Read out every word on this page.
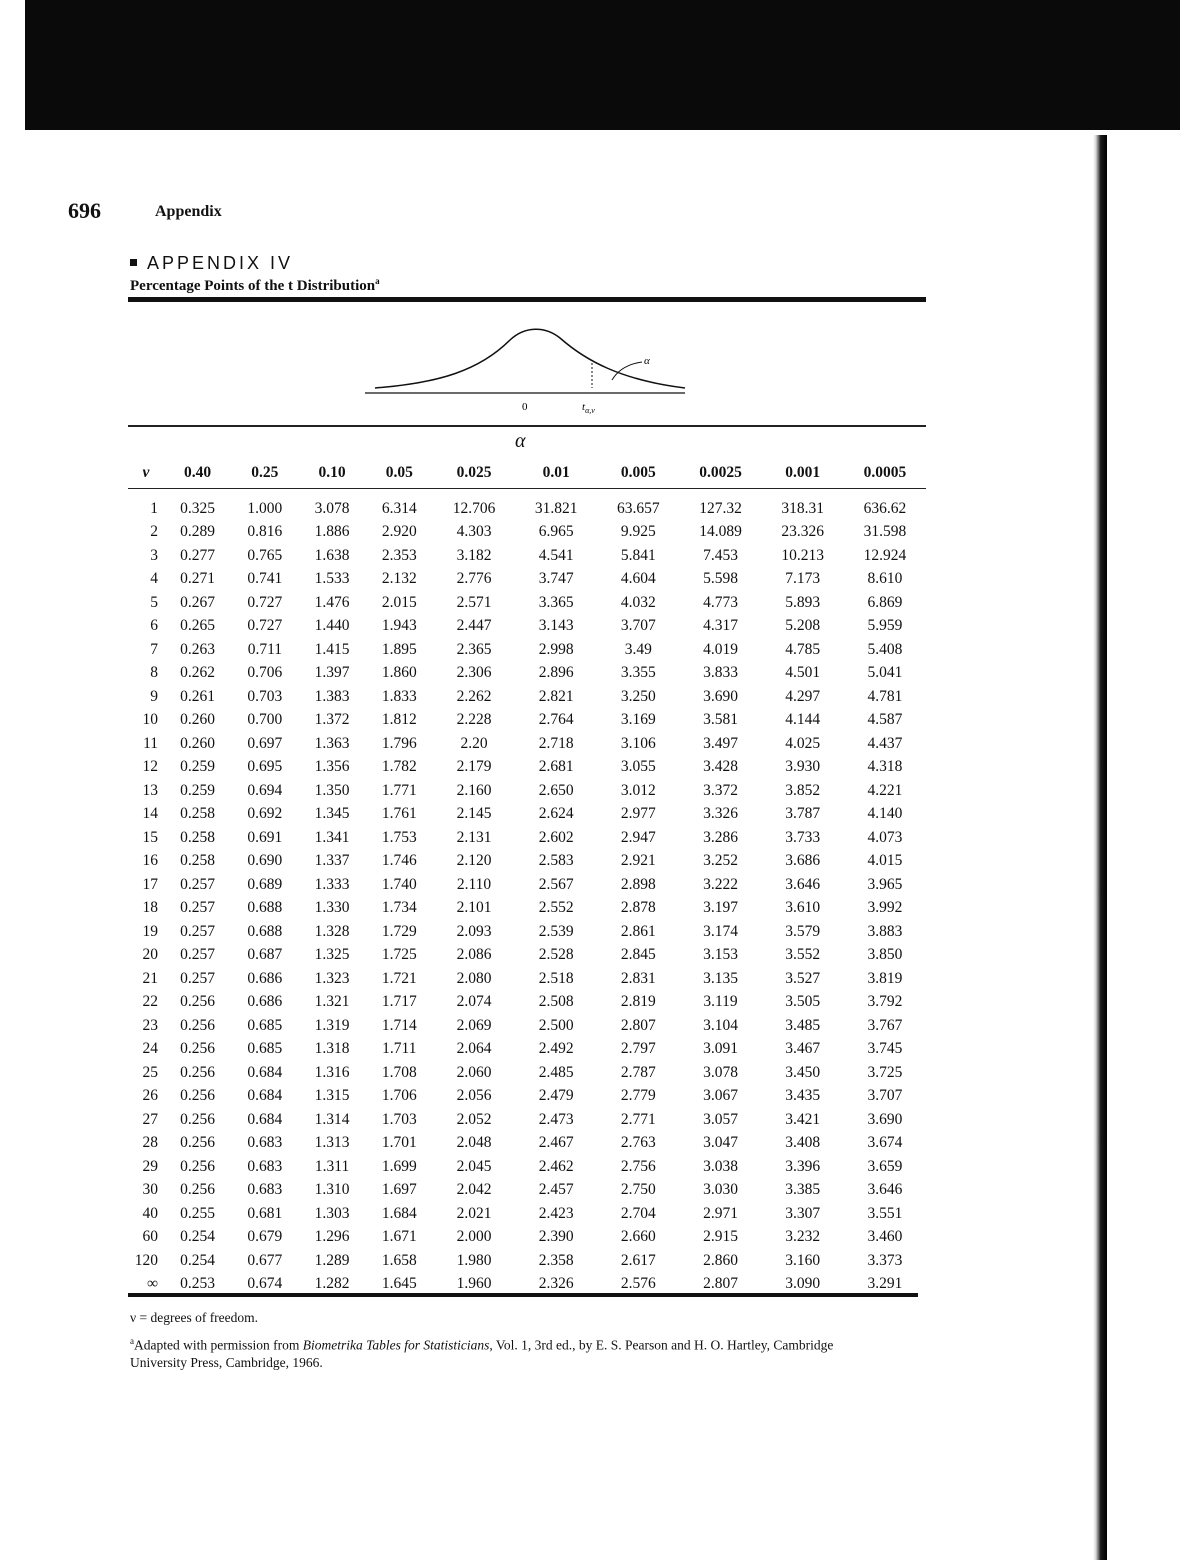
696	Appendix
APPENDIX IV
Percentage Points of the t Distribution$^a$
α
0	$t_{\alpha,\nu}$
α
ν	0.40	0.25	0.10	0.05	0.025	0.01	0.005	0.0025	0.001	0.0005

1	0.325	1.000	3.078	6.314	12.706	31.821	63.657	127.32	318.31	636.62
2	0.289	0.816	1.886	2.920	4.303	6.965	9.925	14.089	23.326	31.598
3	0.277	0.765	1.638	2.353	3.182	4.541	5.841	7.453	10.213	12.924
4	0.271	0.741	1.533	2.132	2.776	3.747	4.604	5.598	7.173	8.610
5	0.267	0.727	1.476	2.015	2.571	3.365	4.032	4.773	5.893	6.869
6	0.265	0.727	1.440	1.943	2.447	3.143	3.707	4.317	5.208	5.959
7	0.263	0.711	1.415	1.895	2.365	2.998	3.49	4.019	4.785	5.408
8	0.262	0.706	1.397	1.860	2.306	2.896	3.355	3.833	4.501	5.041
9	0.261	0.703	1.383	1.833	2.262	2.821	3.250	3.690	4.297	4.781
10	0.260	0.700	1.372	1.812	2.228	2.764	3.169	3.581	4.144	4.587
11	0.260	0.697	1.363	1.796	2.20	2.718	3.106	3.497	4.025	4.437
12	0.259	0.695	1.356	1.782	2.179	2.681	3.055	3.428	3.930	4.318
13	0.259	0.694	1.350	1.771	2.160	2.650	3.012	3.372	3.852	4.221
14	0.258	0.692	1.345	1.761	2.145	2.624	2.977	3.326	3.787	4.140
15	0.258	0.691	1.341	1.753	2.131	2.602	2.947	3.286	3.733	4.073
16	0.258	0.690	1.337	1.746	2.120	2.583	2.921	3.252	3.686	4.015
17	0.257	0.689	1.333	1.740	2.110	2.567	2.898	3.222	3.646	3.965
18	0.257	0.688	1.330	1.734	2.101	2.552	2.878	3.197	3.610	3.992
19	0.257	0.688	1.328	1.729	2.093	2.539	2.861	3.174	3.579	3.883
20	0.257	0.687	1.325	1.725	2.086	2.528	2.845	3.153	3.552	3.850
21	0.257	0.686	1.323	1.721	2.080	2.518	2.831	3.135	3.527	3.819
22	0.256	0.686	1.321	1.717	2.074	2.508	2.819	3.119	3.505	3.792
23	0.256	0.685	1.319	1.714	2.069	2.500	2.807	3.104	3.485	3.767
24	0.256	0.685	1.318	1.711	2.064	2.492	2.797	3.091	3.467	3.745
25	0.256	0.684	1.316	1.708	2.060	2.485	2.787	3.078	3.450	3.725
26	0.256	0.684	1.315	1.706	2.056	2.479	2.779	3.067	3.435	3.707
27	0.256	0.684	1.314	1.703	2.052	2.473	2.771	3.057	3.421	3.690
28	0.256	0.683	1.313	1.701	2.048	2.467	2.763	3.047	3.408	3.674
29	0.256	0.683	1.311	1.699	2.045	2.462	2.756	3.038	3.396	3.659
30	0.256	0.683	1.310	1.697	2.042	2.457	2.750	3.030	3.385	3.646
40	0.255	0.681	1.303	1.684	2.021	2.423	2.704	2.971	3.307	3.551
60	0.254	0.679	1.296	1.671	2.000	2.390	2.660	2.915	3.232	3.460
120	0.254	0.677	1.289	1.658	1.980	2.358	2.617	2.860	3.160	3.373
∞	0.253	0.674	1.282	1.645	1.960	2.326	2.576	2.807	3.090	3.291
ν = degrees of freedom.
$^a$Adapted with permission from Biometrika Tables for Statisticians, Vol. 1, 3rd ed., by E. S. Pearson and H. O. Hartley, Cambridge University Press, Cambridge, 1966.
